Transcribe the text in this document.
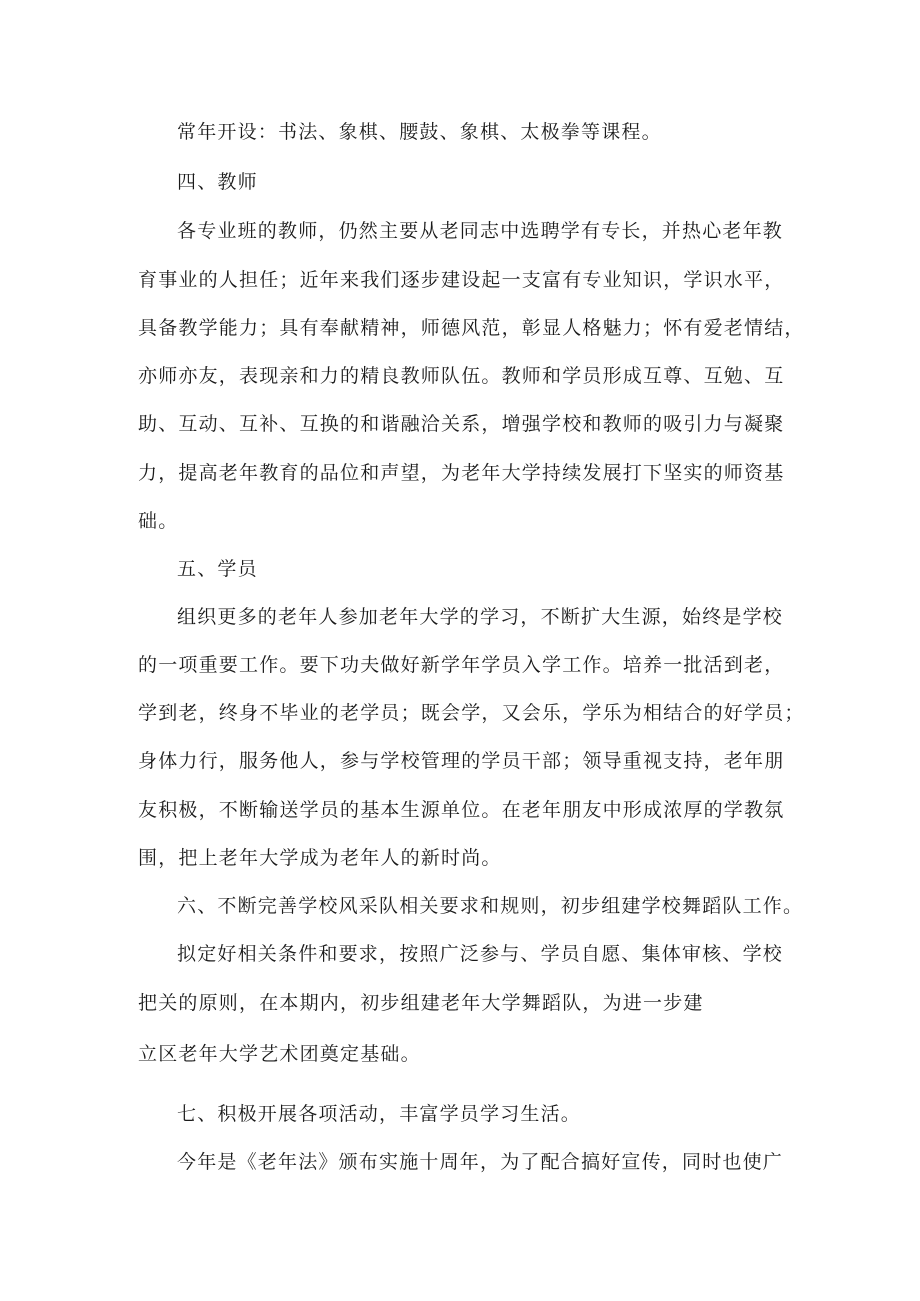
常年开设：书法、象棋、腰鼓、象棋、太极拳等课程。
四、教师
各专业班的教师，仍然主要从老同志中选聘学有专长，并热心老年教
育事业的人担任；近年来我们逐步建设起一支富有专业知识，学识水平，
具备教学能力；具有奉献精神，师德风范，彰显人格魅力；怀有爱老情结，
亦师亦友，表现亲和力的精良教师队伍。教师和学员形成互尊、互勉、互
助、互动、互补、互换的和谐融洽关系，增强学校和教师的吸引力与凝聚
力，提高老年教育的品位和声望，为老年大学持续发展打下坚实的师资基
础。
五、学员
组织更多的老年人参加老年大学的学习，不断扩大生源，始终是学校
的一项重要工作。要下功夫做好新学年学员入学工作。培养一批活到老，
学到老，终身不毕业的老学员；既会学，又会乐，学乐为相结合的好学员；
身体力行，服务他人，参与学校管理的学员干部；领导重视支持，老年朋
友积极，不断输送学员的基本生源单位。在老年朋友中形成浓厚的学教氛
围，把上老年大学成为老年人的新时尚。
六、不断完善学校风采队相关要求和规则，初步组建学校舞蹈队工作。
拟定好相关条件和要求，按照广泛参与、学员自愿、集体审核、学校
把关的原则，在本期内，初步组建老年大学舞蹈队，为进一步建
立区老年大学艺术团奠定基础。
七、积极开展各项活动，丰富学员学习生活。
今年是《老年法》颁布实施十周年，为了配合搞好宣传，同时也使广
